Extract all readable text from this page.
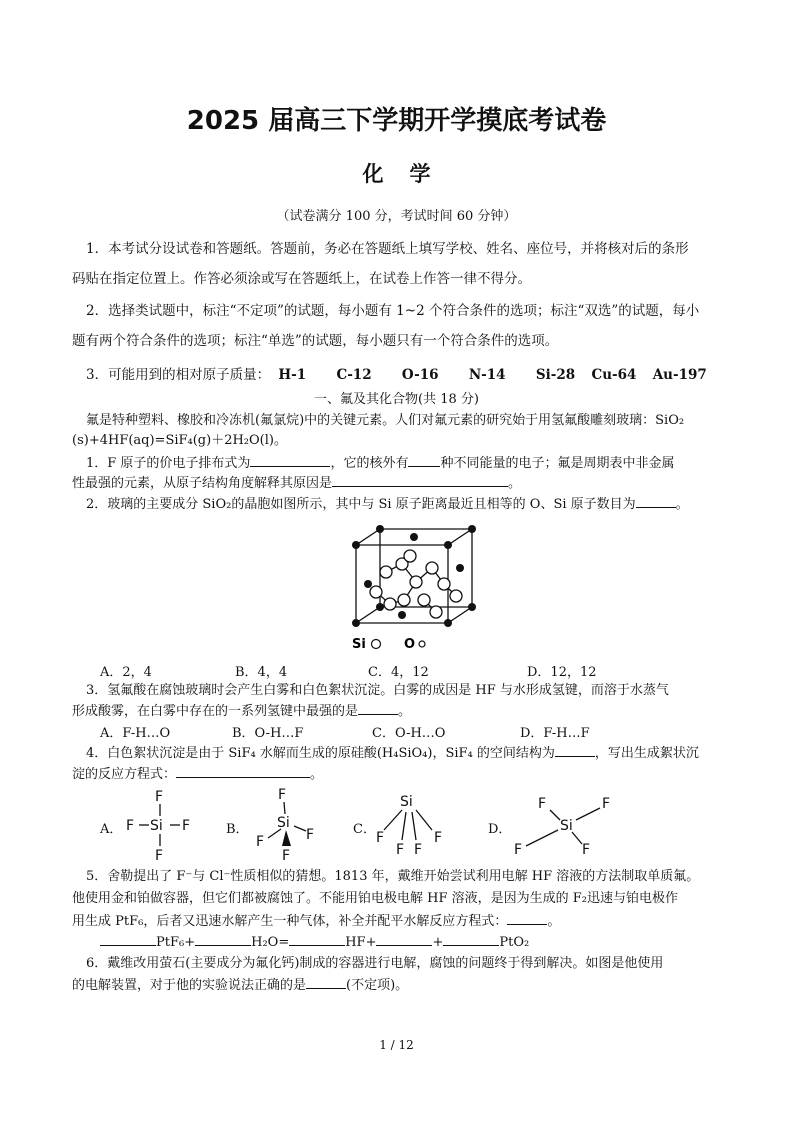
2025 届高三下学期开学摸底考试卷
化学
（试卷满分 100 分，考试时间 60 分钟）
1．本考试分设试卷和答题纸。答题前，务必在答题纸上填写学校、姓名、座位号，并将核对后的条形
码贴在指定位置上。作答必须涂或写在答题纸上，在试卷上作答一律不得分。
2．选择类试题中，标注“不定项”的试题，每小题有 1~2 个符合条件的选项；标注“双选”的试题，每小
题有两个符合条件的选项；标注“单选”的试题，每小题只有一个符合条件的选项。
3．可能用到的相对原子质量： H-1 C-12 O-16 N-14 Si-28 Cu-64 Au-197
一、氟及其化合物(共 18 分)
氟是特种塑料、橡胶和冷冻机(氟氯烷)中的关键元素。人们对氟元素的研究始于用氢氟酸雕刻玻璃：SiO₂
(s)+4HF(aq)=SiF₄(g)＋2H₂O(l)。
1．F 原子的价电子排布式为	，它的核外有 种不同能量的电子；氟是周期表中非金属
性最强的元素，从原子结构角度解释其原因是	。
2．玻璃的主要成分 SiO₂的晶胞如图所示，其中与 Si 原子距离最近且相等的 O、Si 原子数目为	。
Si	O
A．2，4	B．4，4	C．4，12	D．12，12
3．氢氟酸在腐蚀玻璃时会产生白雾和白色絮状沉淀。白雾的成因是 HF 与水形成氢键，而溶于水蒸气
形成酸雾，在白雾中存在的一系列氢键中最强的是	。
A．F-H…O	B．O-H…F	C．O-H…O	D．F-H…F
4．白色絮状沉淀是由于 SiF₄ 水解而生成的原硅酸(H₄SiO₄)，SiF₄ 的空间结构为	，写出生成絮状沉
淀的反应方程式：	。
A． F Si F
F
F
B．
F
Si
F	F
F
C．
Si
F	F
F F
D．
F	F
Si
F	F
5．舍勒提出了 F⁻与 Cl⁻性质相似的猜想。1813 年，戴维开始尝试利用电解 HF 溶液的方法制取单质氟。
他使用金和铂做容器，但它们都被腐蚀了。不能用铂电极电解 HF 溶液，是因为生成的 F₂迅速与铂电极作
用生成 PtF₆，后者又迅速水解产生一种气体，补全并配平水解反应方程式：	。
PtF₆+	H₂O=	HF+	+	PtO₂
6．戴维改用萤石(主要成分为氟化钙)制成的容器进行电解，腐蚀的问题终于得到解决。如图是他使用
的电解装置，对于他的实验说法正确的是	(不定项)。
1 / 12
